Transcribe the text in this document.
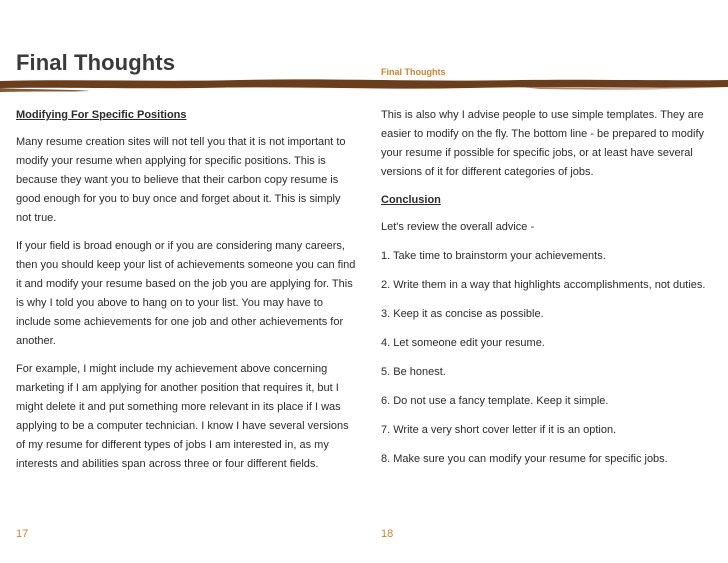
Final Thoughts	Final Thoughts
Modifying For Specific Positions

Many resume creation sites will not tell you that it is not important to modify your resume when applying for specific positions. This is because they want you to believe that their carbon copy resume is good enough for you to buy once and forget about it. This is simply not true.

If your field is broad enough or if you are considering many careers, then you should keep your list of achievements someone you can find it and modify your resume based on the job you are applying for. This is why I told you above to hang on to your list. You may have to include some achievements for one job and other achievements for another.

For example, I might include my achievement above concerning marketing if I am applying for another position that requires it, but I might delete it and put something more relevant in its place if I was applying to be a computer technician. I know I have several versions of my resume for different types of jobs I am interested in, as my interests and abilities span across three or four different fields.

This is also why I advise people to use simple templates. They are easier to modify on the fly. The bottom line - be prepared to modify your resume if possible for specific jobs, or at least have several versions of it for different categories of jobs.

Conclusion

Let's review the overall advice -

1. Take time to brainstorm your achievements.

2. Write them in a way that highlights accomplishments, not duties.

3. Keep it as concise as possible.

4. Let someone edit your resume.

5. Be honest.

6. Do not use a fancy template. Keep it simple.

7. Write a very short cover letter if it is an option.

8. Make sure you can modify your resume for specific jobs.

17	18
